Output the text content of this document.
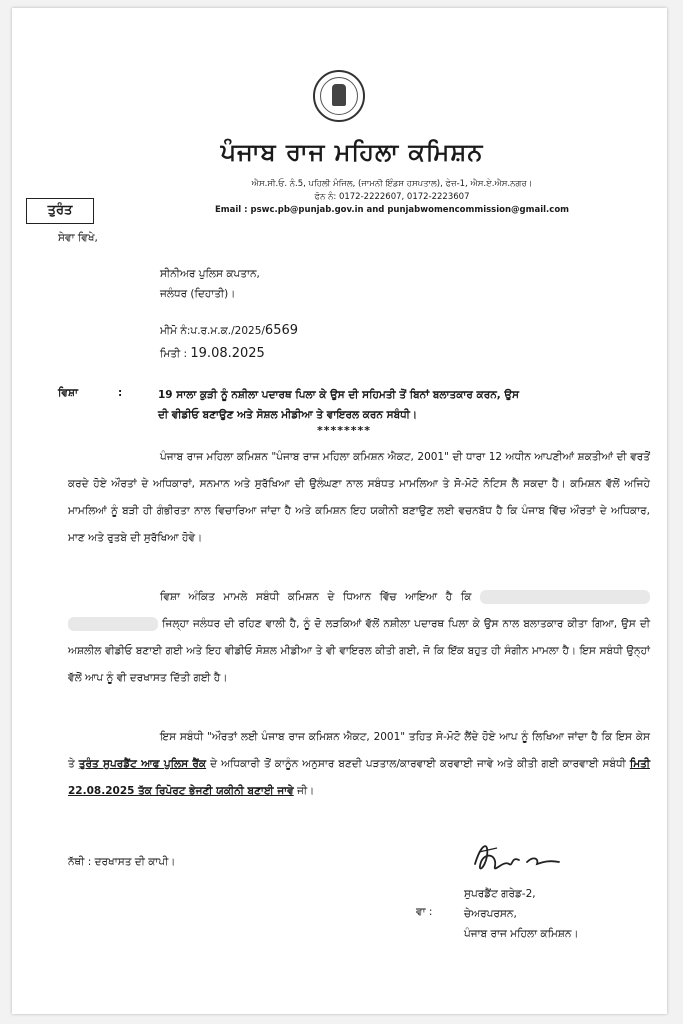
ਪੰਜਾਬ ਰਾਜ ਮਹਿਲਾ ਕਮਿਸ਼ਨ
ਐਸ.ਸੀ.ਓ. ਨੰ.5, ਪਹਿਲੀ ਮੰਜਿਲ, (ਜਾਮਨੀ ਇੰਡਸ ਹਸਪਤਾਲ), ਫੇਜ਼-1, ਐਸ.ਏ.ਐਸ.ਨਗਰ।
ਫੋਨ ਨੰ: 0172-2222607, 0172-2223607
Email : pswc.pb@punjab.gov.in and punjabwomencommission@gmail.com
ਤੁਰੰਤ
ਸੇਵਾ ਵਿਖੇ,
ਸੀਨੀਅਰ ਪੁਲਿਸ ਕਪਤਾਨ,
ਜਲੰਧਰ (ਦਿਹਾਤੀ)।
ਮੀਮੋ ਨੰ:ਪ.ਰ.ਮ.ਕ./2025/6569
ਮਿਤੀ : 19.08.2025
ਵਿਸ਼ਾ	:	19 ਸਾਲਾ ਕੁੜੀ ਨੂੰ ਨਸ਼ੀਲਾ ਪਦਾਰਥ ਪਿਲਾ ਕੇ ਉਸ ਦੀ ਸਹਿਮਤੀ ਤੋਂ ਬਿਨਾਂ ਬਲਾਤਕਾਰ ਕਰਨ, ਉਸ
ਦੀ ਵੀਡੀਓ ਬਣਾਉਣ ਅਤੇ ਸੋਸ਼ਲ ਮੀਡੀਆ ਤੇ ਵਾਇਰਲ ਕਰਨ ਸਬੰਧੀ।
********
ਪੰਜਾਬ ਰਾਜ ਮਹਿਲਾ ਕਮਿਸ਼ਨ "ਪੰਜਾਬ ਰਾਜ ਮਹਿਲਾ ਕਮਿਸ਼ਨ ਐਕਟ, 2001" ਦੀ ਧਾਰਾ 12 ਅਧੀਨ ਆਪਣੀਆਂ ਸ਼ਕਤੀਆਂ ਦੀ ਵਰਤੋਂ ਕਰਦੇ ਹੋਏ ਔਰਤਾਂ ਦੇ ਅਧਿਕਾਰਾਂ, ਸਨਮਾਨ ਅਤੇ ਸੁਰੱਖਿਆ ਦੀ ਉਲੰਘਣਾ ਨਾਲ ਸਬੰਧਤ ਮਾਮਲਿਆ ਤੇ ਸੋ-ਮੋਟੋ ਨੋਟਿਸ ਲੈ ਸਕਦਾ ਹੈ। ਕਮਿਸ਼ਨ ਵੱਲੋਂ ਅਜਿਹੇ ਮਾਮਲਿਆਂ ਨੂੰ ਬੜੀ ਹੀ ਗੰਭੀਰਤਾ ਨਾਲ ਵਿਚਾਰਿਆ ਜਾਂਦਾ ਹੈ ਅਤੇ ਕਮਿਸ਼ਨ ਇਹ ਯਕੀਨੀ ਬਣਾਉਣ ਲਈ ਵਚਨਬੱਧ ਹੈ ਕਿ ਪੰਜਾਬ ਵਿੱਚ ਔਰਤਾਂ ਦੇ ਅਧਿਕਾਰ, ਮਾਣ ਅਤੇ ਰੁਤਬੇ ਦੀ ਸੁਰੱਖਿਆ ਹੋਵੇ।
ਵਿਸ਼ਾ ਅੰਕਿਤ ਮਾਮਲੇ ਸਬੰਧੀ ਕਮਿਸ਼ਨ ਦੇ ਧਿਆਨ ਵਿੱਚ ਆਇਆ ਹੈ ਕਿ   ਜਿਲ੍ਹਾ ਜਲੰਧਰ ਦੀ ਰਹਿਣ ਵਾਲੀ ਹੈ, ਨੂੰ ਦੋ ਲੜਕਿਆਂ ਵੱਲੋਂ ਨਸ਼ੀਲਾ ਪਦਾਰਥ ਪਿਲਾ ਕੇ ਉਸ ਨਾਲ ਬਲਾਤਕਾਰ ਕੀਤਾ ਗਿਆ, ਉਸ ਦੀ ਅਸ਼ਲੀਲ ਵੀਡੀਓ ਬਣਾਈ ਗਈ ਅਤੇ ਇਹ ਵੀਡੀਓ ਸੋਸ਼ਲ ਮੀਡੀਆ ਤੇ ਵੀ ਵਾਇਰਲ ਕੀਤੀ ਗਈ, ਜੋ ਕਿ ਇੱਕ ਬਹੁਤ ਹੀ ਸੰਗੀਨ ਮਾਮਲਾ ਹੈ। ਇਸ ਸਬੰਧੀ ਉਨ੍ਹਾਂ ਵੱਲੋਂ ਆਪ ਨੂੰ ਵੀ ਦਰਖਾਸਤ ਦਿੱਤੀ ਗਈ ਹੈ।
ਇਸ ਸਬੰਧੀ "ਔਰਤਾਂ ਲਈ ਪੰਜਾਬ ਰਾਜ ਕਮਿਸ਼ਨ ਐਕਟ, 2001" ਤਹਿਤ ਸੋ-ਮੋਟੋ ਲੈਂਦੇ ਹੋਏ ਆਪ ਨੂੰ ਲਿਖਿਆ ਜਾਂਦਾ ਹੈ ਕਿ ਇਸ ਕੇਸ ਤੇ ਤੁਰੰਤ ਸੁਪਰਡੈਂਟ ਆਫ ਪੁਲਿਸ ਰੈਂਕ ਦੇ ਅਧਿਕਾਰੀ ਤੋਂ ਕਾਨੂੰਨ ਅਨੁਸਾਰ ਬਣਦੀ ਪੜਤਾਲ/ਕਾਰਵਾਈ ਕਰਵਾਈ ਜਾਵੇ ਅਤੇ ਕੀਤੀ ਗਈ ਕਾਰਵਾਈ ਸਬੰਧੀ ਮਿਤੀ 22.08.2025 ਤੱਕ ਰਿਪੋਰਟ ਭੇਜਣੀ ਯਕੀਨੀ ਬਣਾਈ ਜਾਵੇ ਜੀ।
ਨੱਥੀ : ਦਰਖਾਸਤ ਦੀ ਕਾਪੀ।
ਸੁਪਰਡੈਂਟ ਗਰੇਡ-2,
ਚੇਅਰਪਰਸਨ,
ਪੰਜਾਬ ਰਾਜ ਮਹਿਲਾ ਕਮਿਸ਼ਨ।
ਵਾ :
